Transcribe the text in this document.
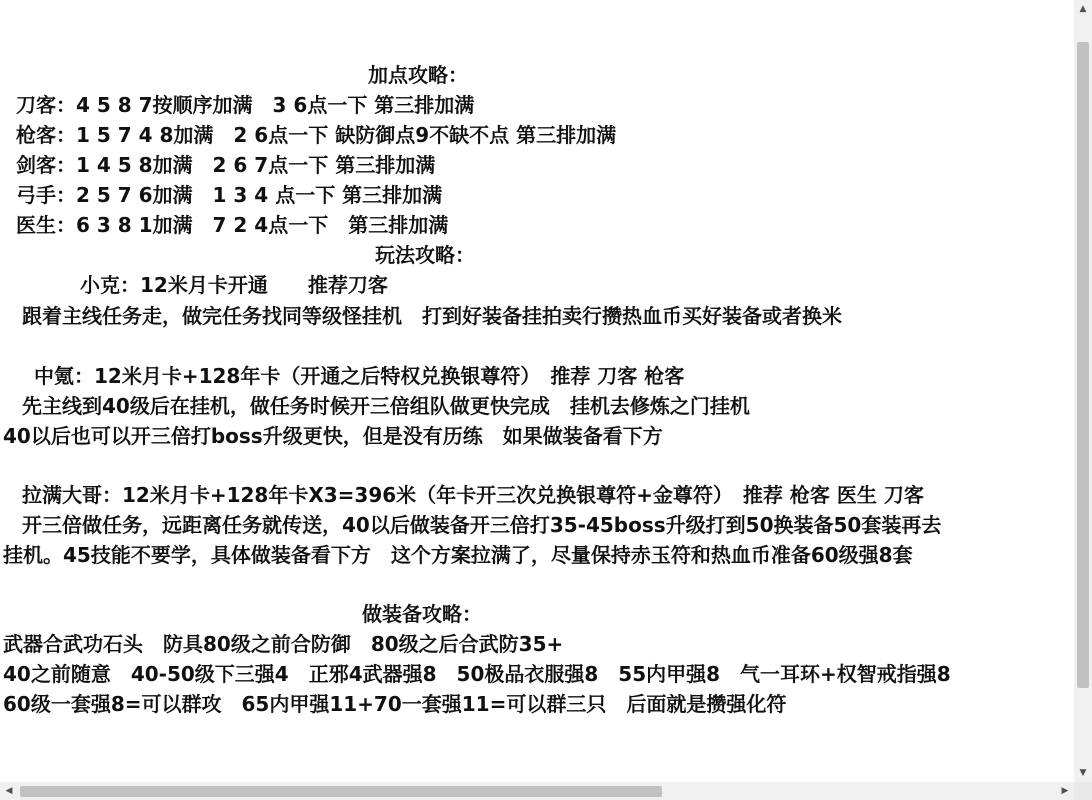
加点攻略：
刀客：4 5 8 7按顺序加满　3 6点一下 第三排加满
枪客：1 5 7 4 8加满　2 6点一下 缺防御点9不缺不点 第三排加满
剑客：1 4 5 8加满　2 6 7点一下 第三排加满
弓手：2 5 7 6加满　1 3 4 点一下 第三排加满
医生：6 3 8 1加满　7 2 4点一下　第三排加满
玩法攻略：
小克：12米月卡开通　　推荐刀客
跟着主线任务走，做完任务找同等级怪挂机　打到好装备挂拍卖行攒热血币买好装备或者换米
中氪：12米月卡+128年卡（开通之后特权兑换银尊符）　推荐 刀客 枪客
先主线到40级后在挂机，做任务时候开三倍组队做更快完成　挂机去修炼之门挂机
40以后也可以开三倍打boss升级更快，但是没有历练　如果做装备看下方
拉满大哥：12米月卡+128年卡X3=396米（年卡开三次兑换银尊符+金尊符）　推荐 枪客 医生 刀客
开三倍做任务，远距离任务就传送，40以后做装备开三倍打35-45boss升级打到50换装备50套装再去
挂机。45技能不要学，具体做装备看下方　这个方案拉满了，尽量保持赤玉符和热血币准备60级强8套
做装备攻略：
武器合武功石头　防具80级之前合防御　80级之后合武防35+
40之前随意　40-50级下三强4　正邪4武器强8　50极品衣服强8　55内甲强8　气一耳环+权智戒指强8
60级一套强8=可以群攻　65内甲强11+70一套强11=可以群三只　后面就是攒强化符
▲
▼
◀	▶
